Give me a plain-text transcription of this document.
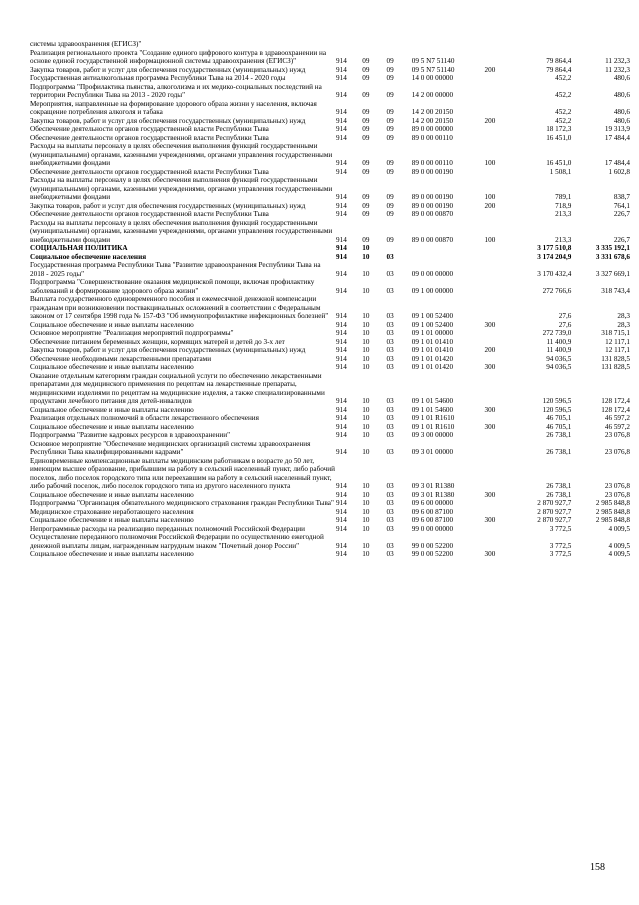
системы здравоохранения (ЕГИСЗ)"							
Реализация регионального проекта "Создание единого цифрового контура в здравоохранении на основе единой государственной информационной системы здравоохранения (ЕГИСЗ)"	914	09	09	09 5 N7 51140		79 864,4	11 232,3
Закупка товаров, работ и услуг для обеспечения государственных (муниципальных) нужд	914	09	09	09 5 N7 51140	200	79 864,4	11 232,3
Государственная антиалкогольная программа Республики Тыва на 2014 - 2020 годы	914	09	09	14 0 00 00000		452,2	480,6
Подпрограмма "Профилактика пьянства, алкоголизма и их медико-социальных последствий на территории Республики Тыва на 2013 - 2020 годы"	914	09	09	14 2 00 00000		452,2	480,6
Мероприятия, направленные на формирование здорового образа жизни у населения, включая сокращение потребления алкоголя и табака	914	09	09	14 2 00 20150		452,2	480,6
Закупка товаров, работ и услуг для обеспечения государственных (муниципальных) нужд	914	09	09	14 2 00 20150	200	452,2	480,6
Обеспечение деятельности органов государственной власти Республики Тыва	914	09	09	89 0 00 00000		18 172,3	19 313,9
Обеспечение деятельности органов государственной власти Республики Тыва	914	09	09	89 0 00 00110		16 451,0	17 484,4
Расходы на выплаты персоналу в целях обеспечения выполнения функций государственными (муниципальными) органами, казенными учреждениями, органами управления государственными внебюджетными фондами	914	09	09	89 0 00 00110	100	16 451,0	17 484,4
Обеспечение деятельности органов государственной власти Республики Тыва	914	09	09	89 0 00 00190		1 508,1	1 602,8
Расходы на выплаты персоналу в целях обеспечения выполнения функций государственными (муниципальными) органами, казенными учреждениями, органами управления государственными внебюджетными фондами	914	09	09	89 0 00 00190	100	789,1	838,7
Закупка товаров, работ и услуг для обеспечения государственных (муниципальных) нужд	914	09	09	89 0 00 00190	200	718,9	764,1
Обеспечение деятельности органов государственной власти Республики Тыва	914	09	09	89 0 00 00870		213,3	226,7
Расходы на выплаты персоналу в целях обеспечения выполнения функций государственными (муниципальными) органами, казенными учреждениями, органами управления государственными внебюджетными фондами	914	09	09	89 0 00 00870	100	213,3	226,7
СОЦИАЛЬНАЯ ПОЛИТИКА	914	10				3 177 510,8	3 335 192,1
Социальное обеспечение населения	914	10	03			3 174 204,9	3 331 678,6
Государственная программа Республики Тыва "Развитие здравоохранения Республики Тыва на 2018 - 2025 годы"	914	10	03	09 0 00 00000		3 170 432,4	3 327 669,1
Подпрограмма "Совершенствование оказания медицинской помощи, включая профилактику заболеваний и формирование здорового образа жизни"	914	10	03	09 1 00 00000		272 766,6	318 743,4
Выплата государственного единовременного пособия и ежемесячной денежной компенсации гражданам при возникновении поствакцинальных осложнений в соответствии с Федеральным законом от 17 сентября 1998 года № 157-ФЗ "Об иммунопрофилактике инфекционных болезней"	914	10	03	09 1 00 52400		27,6	28,3
Социальное обеспечение и иные выплаты населению	914	10	03	09 1 00 52400	300	27,6	28,3
Основное мероприятие "Реализация мероприятий подпрограммы"	914	10	03	09 1 01 00000		272 739,0	318 715,1
Обеспечение питанием беременных женщин, кормящих матерей и детей до 3-х лет	914	10	03	09 1 01 01410		11 400,9	12 117,1
Закупка товаров, работ и услуг для обеспечения государственных (муниципальных) нужд	914	10	03	09 1 01 01410	200	11 400,9	12 117,1
Обеспечение необходимыми лекарственными препаратами	914	10	03	09 1 01 01420		94 036,5	131 828,5
Социальное обеспечение и иные выплаты населению	914	10	03	09 1 01 01420	300	94 036,5	131 828,5
Оказание отдельным категориям граждан социальной услуги по обеспечению лекарственными препаратами для медицинского применения по рецептам на лекарственные препараты, медицинскими изделиями по рецептам на медицинские изделия, а также специализированными продуктами лечебного питания для детей-инвалидов	914	10	03	09 1 01 54600		120 596,5	128 172,4
Социальное обеспечение и иные выплаты населению	914	10	03	09 1 01 54600	300	120 596,5	128 172,4
Реализация отдельных полномочий в области лекарственного обеспечения	914	10	03	09 1 01 R1610		46 705,1	46 597,2
Социальное обеспечение и иные выплаты населению	914	10	03	09 1 01 R1610	300	46 705,1	46 597,2
Подпрограмма "Развитие кадровых ресурсов в здравоохранении"	914	10	03	09 3 00 00000		26 738,1	23 076,8
Основное мероприятие "Обеспечение медицинских организаций системы здравоохранения Республики Тыва квалифицированными кадрами"	914	10	03	09 3 01 00000		26 738,1	23 076,8
Единовременные компенсационные выплаты медицинским работникам в возрасте до 50 лет, имеющим высшее образование, прибывшим на работу в сельский населенный пункт, либо рабочий поселок, либо поселок городского типа или переехавшим на работу в сельский населенный пункт, либо рабочий поселок, либо поселок городского типа из другого населенного пункта	914	10	03	09 3 01 R1380		26 738,1	23 076,8
Социальное обеспечение и иные выплаты населению	914	10	03	09 3 01 R1380	300	26 738,1	23 076,8
Подпрограмма "Организация обязательного медицинского страхования граждан Республики Тыва"	914	10	03	09 6 00 00000		2 870 927,7	2 985 848,8
Медицинское страхование неработающего населения	914	10	03	09 6 00 87100		2 870 927,7	2 985 848,8
Социальное обеспечение и иные выплаты населению	914	10	03	09 6 00 87100	300	2 870 927,7	2 985 848,8
Непрограммные расходы на реализацию переданных полномочий Российской Федерации	914	10	03	99 0 00 00000		3 772,5	4 009,5
Осуществление переданного полномочия Российской Федерации по осуществлению ежегодной денежной выплаты лицам, награжденным нагрудным знаком "Почетный донор России"	914	10	03	99 0 00 52200		3 772,5	4 009,5
Социальное обеспечение и иные выплаты населению	914	10	03	99 0 00 52200	300	3 772,5	4 009,5
158
